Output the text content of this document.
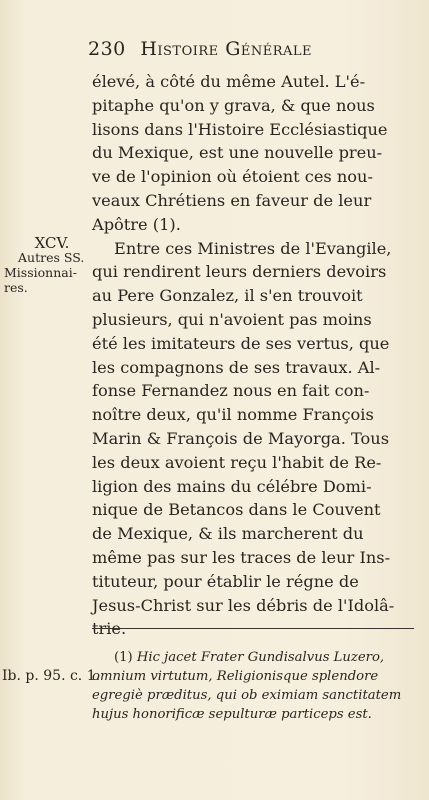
230 Histoire Générale
XCV.
Autres SS.
Missionnai-
res.
élevé, à côté du même Autel. L'é-
pitaphe qu'on y grava, & que nous
lisons dans l'Histoire Ecclésiastique
du Mexique, est une nouvelle preu-
ve de l'opinion où étoient ces nou-
veaux Chrétiens en faveur de leur
Apôtre (1).
Entre ces Ministres de l'Evangile,
qui rendirent leurs derniers devoirs
au Pere Gonzalez, il s'en trouvoit
plusieurs, qui n'avoient pas moins
été les imitateurs de ses vertus, que
les compagnons de ses travaux. Al-
fonse Fernandez nous en fait con-
noître deux, qu'il nomme François
Marin & François de Mayorga. Tous
les deux avoient reçu l'habit de Re-
ligion des mains du célébre Domi-
nique de Betancos dans le Couvent
de Mexique, & ils marcherent du
même pas sur les traces de leur Ins-
tituteur, pour établir le régne de
Jesus-Christ sur les débris de l'Idolâ-
trie.
(1) Hic jacet Frater Gundisalvus Luzero,
omnium virtutum, Religionisque splendore
egregiè præditus, qui ob eximiam sanctitatem
hujus honorificæ sepulturæ particeps est.
Ib. p. 95. c. 1.
